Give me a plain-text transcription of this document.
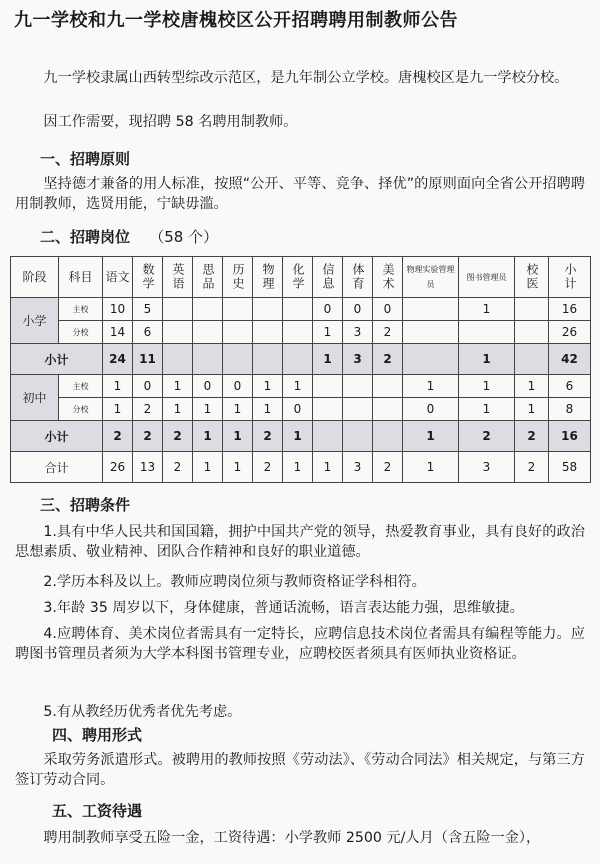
九一学校和九一学校唐槐校区公开招聘聘用制教师公告
九一学校隶属山西转型综改示范区，是九年制公立学校。唐槐校区是九一学校分校。
因工作需要，现招聘 58 名聘用制教师。
一、招聘原则
坚持德才兼备的用人标准，按照“公开、平等、竞争、择优”的原则面向全省公开招聘聘用制教师，选贤用能，宁缺毋滥。
二、招聘岗位 （58 个）
阶段	科目	语文	数学	英语	思品	历史	物理	化学	信息	体育	美术	物理实验管理员	图书管理员	校医	小计
小学	主校	10	5						0	0	0		1		16
	分校	14	6						1	3	2				26
小计		24	11						1	3	2		1		42
初中	主校	1	0	1	0	0	1	1				1	1	1	6
	分校	1	2	1	1	1	1	0				0	1	1	8
小计		2	2	2	1	1	2	1				1	2	2	16
合计		26	13	2	1	1	2	1	1	3	2	1	3	2	58
三、招聘条件
1.具有中华人民共和国国籍，拥护中国共产党的领导，热爱教育事业，具有良好的政治思想素质、敬业精神、团队合作精神和良好的职业道德。
2.学历本科及以上。教师应聘岗位须与教师资格证学科相符。
3.年龄 35 周岁以下，身体健康，普通话流畅，语言表达能力强，思维敏捷。
4.应聘体育、美术岗位者需具有一定特长，应聘信息技术岗位者需具有编程等能力。应聘图书管理员者须为大学本科图书管理专业，应聘校医者须具有医师执业资格证。
5.有从教经历优秀者优先考虑。
四、聘用形式
采取劳务派遣形式。被聘用的教师按照《劳动法》、《劳动合同法》相关规定，与第三方签订劳动合同。
五、工资待遇
聘用制教师享受五险一金，工资待遇：小学教师 2500 元/人月（含五险一金），
